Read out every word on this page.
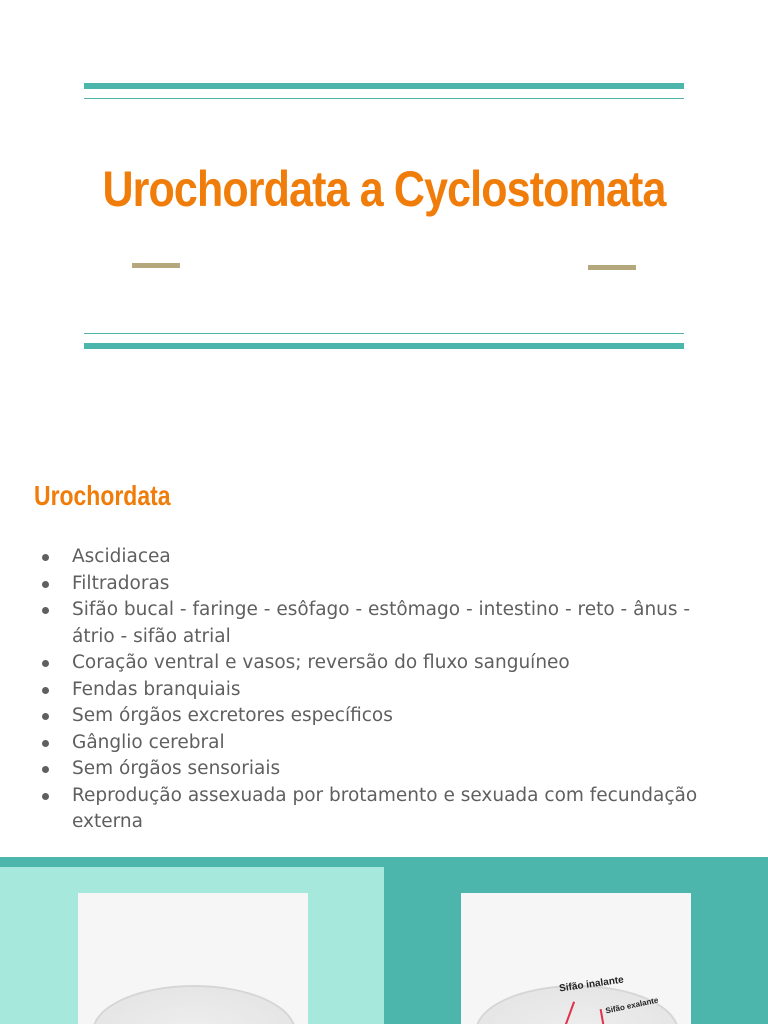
Urochordata a Cyclostomata
Urochordata
Ascidiacea
Filtradoras
Sifão bucal - faringe - esôfago - estômago - intestino - reto - ânus - átrio - sifão atrial
Coração ventral e vasos; reversão do fluxo sanguíneo
Fendas branquiais
Sem órgãos excretores específicos
Gânglio cerebral
Sem órgãos sensoriais
Reprodução assexuada por brotamento e sexuada com fecundação externa
Sifão inalante
Sifão exalante
